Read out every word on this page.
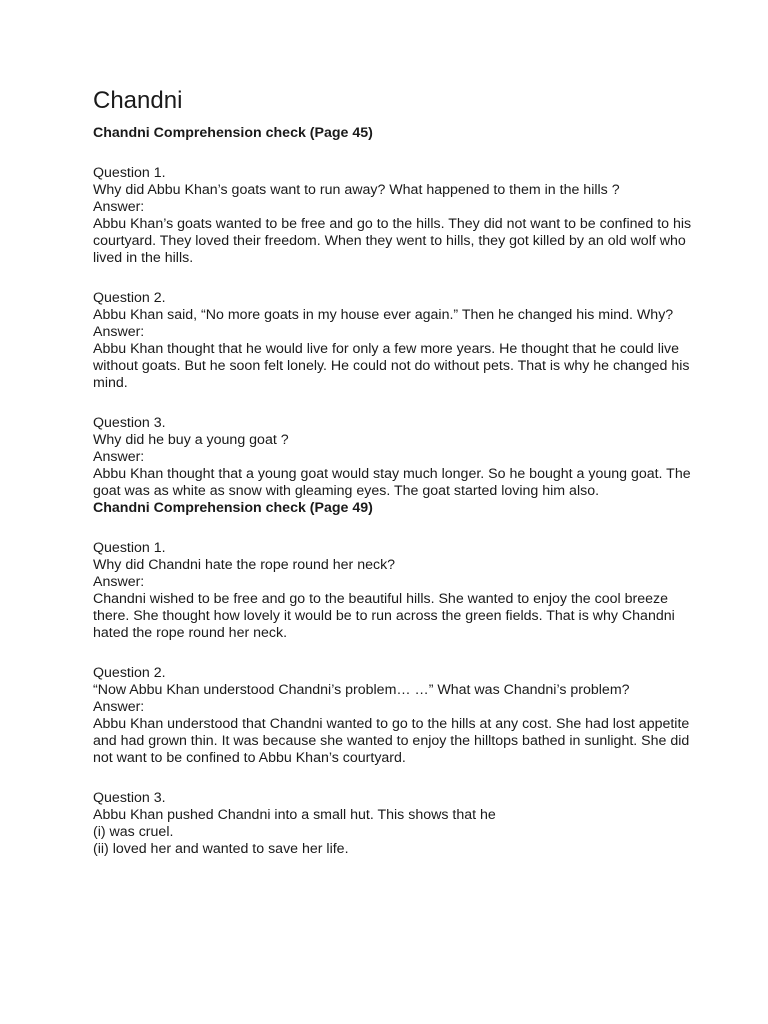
Chandni
Chandni Comprehension check (Page 45)
Question 1.
Why did Abbu Khan’s goats want to run away? What happened to them in the hills ?
Answer:
Abbu Khan’s goats wanted to be free and go to the hills. They did not want to be confined to his courtyard. They loved their freedom. When they went to hills, they got killed by an old wolf who lived in the hills.
Question 2.
Abbu Khan said, “No more goats in my house ever again.” Then he changed his mind. Why?
Answer:
Abbu Khan thought that he would live for only a few more years. He thought that he could live without goats. But he soon felt lonely. He could not do without pets. That is why he changed his mind.
Question 3.
Why did he buy a young goat ?
Answer:
Abbu Khan thought that a young goat would stay much longer. So he bought a young goat. The goat was as white as snow with gleaming eyes. The goat started loving him also.
Chandni Comprehension check (Page 49)
Question 1.
Why did Chandni hate the rope round her neck?
Answer:
Chandni wished to be free and go to the beautiful hills. She wanted to enjoy the cool breeze there. She thought how lovely it would be to run across the green fields. That is why Chandni hated the rope round her neck.
Question 2.
“Now Abbu Khan understood Chandni’s problem… …” What was Chandni’s problem?
Answer:
Abbu Khan understood that Chandni wanted to go to the hills at any cost. She had lost appetite and had grown thin. It was because she wanted to enjoy the hilltops bathed in sunlight. She did not want to be confined to Abbu Khan’s courtyard.
Question 3.
Abbu Khan pushed Chandni into a small hut. This shows that he
(i) was cruel.
(ii) loved her and wanted to save her life.
